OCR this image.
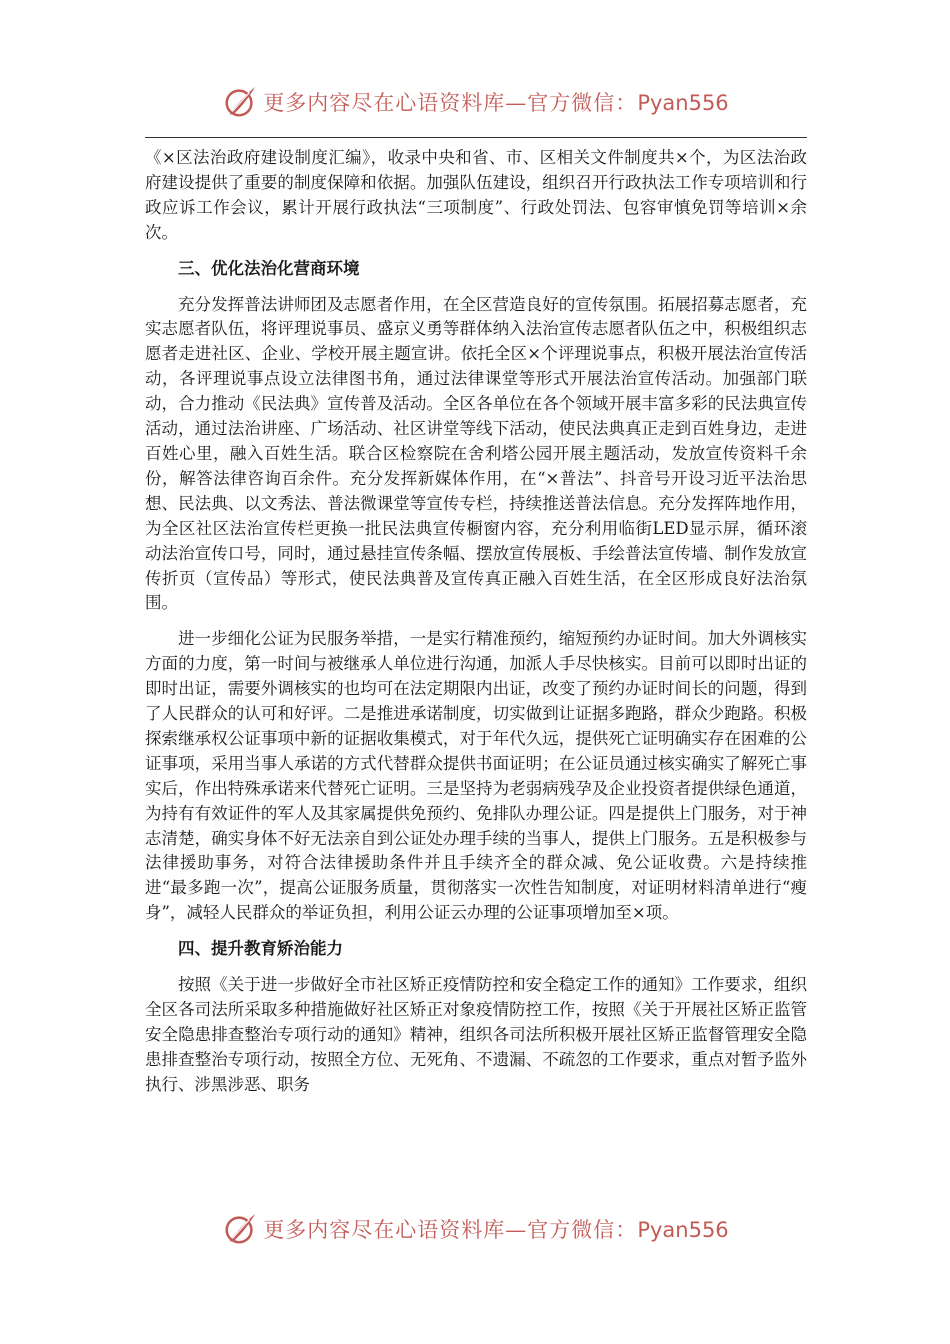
更多内容尽在心语资料库—官方微信：Pyan556

《×区法治政府建设制度汇编》，收录中央和省、市、区相关文件制度共×个，为区法治政府建设提供了重要的制度保障和依据。加强队伍建设，组织召开行政执法工作专项培训和行政应诉工作会议，累计开展行政执法“三项制度”、行政处罚法、包容审慎免罚等培训×余次。

三、优化法治化营商环境

充分发挥普法讲师团及志愿者作用，在全区营造良好的宣传氛围。拓展招募志愿者，充实志愿者队伍，将评理说事员、盛京义勇等群体纳入法治宣传志愿者队伍之中，积极组织志愿者走进社区、企业、学校开展主题宣讲。依托全区×个评理说事点，积极开展法治宣传活动，各评理说事点设立法律图书角，通过法律课堂等形式开展法治宣传活动。加强部门联动，合力推动《民法典》宣传普及活动。全区各单位在各个领域开展丰富多彩的民法典宣传活动，通过法治讲座、广场活动、社区讲堂等线下活动，使民法典真正走到百姓身边，走进百姓心里，融入百姓生活。联合区检察院在舍利塔公园开展主题活动，发放宣传资料千余份，解答法律咨询百余件。充分发挥新媒体作用，在“×普法”、抖音号开设习近平法治思想、民法典、以文秀法、普法微课堂等宣传专栏，持续推送普法信息。充分发挥阵地作用，为全区社区法治宣传栏更换一批民法典宣传橱窗内容，充分利用临街LED显示屏，循环滚动法治宣传口号，同时，通过悬挂宣传条幅、摆放宣传展板、手绘普法宣传墙、制作发放宣传折页（宣传品）等形式，使民法典普及宣传真正融入百姓生活，在全区形成良好法治氛围。

进一步细化公证为民服务举措，一是实行精准预约，缩短预约办证时间。加大外调核实方面的力度，第一时间与被继承人单位进行沟通，加派人手尽快核实。目前可以即时出证的即时出证，需要外调核实的也均可在法定期限内出证，改变了预约办证时间长的问题，得到了人民群众的认可和好评。二是推进承诺制度，切实做到让证据多跑路，群众少跑路。积极探索继承权公证事项中新的证据收集模式，对于年代久远，提供死亡证明确实存在困难的公证事项，采用当事人承诺的方式代替群众提供书面证明；在公证员通过核实确实了解死亡事实后，作出特殊承诺来代替死亡证明。三是坚持为老弱病残孕及企业投资者提供绿色通道，为持有有效证件的军人及其家属提供免预约、免排队办理公证。四是提供上门服务，对于神志清楚，确实身体不好无法亲自到公证处办理手续的当事人，提供上门服务。五是积极参与法律援助事务，对符合法律援助条件并且手续齐全的群众减、免公证收费。六是持续推进“最多跑一次”，提高公证服务质量，贯彻落实一次性告知制度，对证明材料清单进行“瘦身”，减轻人民群众的举证负担，利用公证云办理的公证事项增加至×项。

四、提升教育矫治能力

按照《关于进一步做好全市社区矫正疫情防控和安全稳定工作的通知》工作要求，组织全区各司法所采取多种措施做好社区矫正对象疫情防控工作，按照《关于开展社区矫正监管安全隐患排查整治专项行动的通知》精神，组织各司法所积极开展社区矫正监督管理安全隐患排查整治专项行动，按照全方位、无死角、不遗漏、不疏忽的工作要求，重点对暂予监外执行、涉黑涉恶、职务

更多内容尽在心语资料库—官方微信：Pyan556
